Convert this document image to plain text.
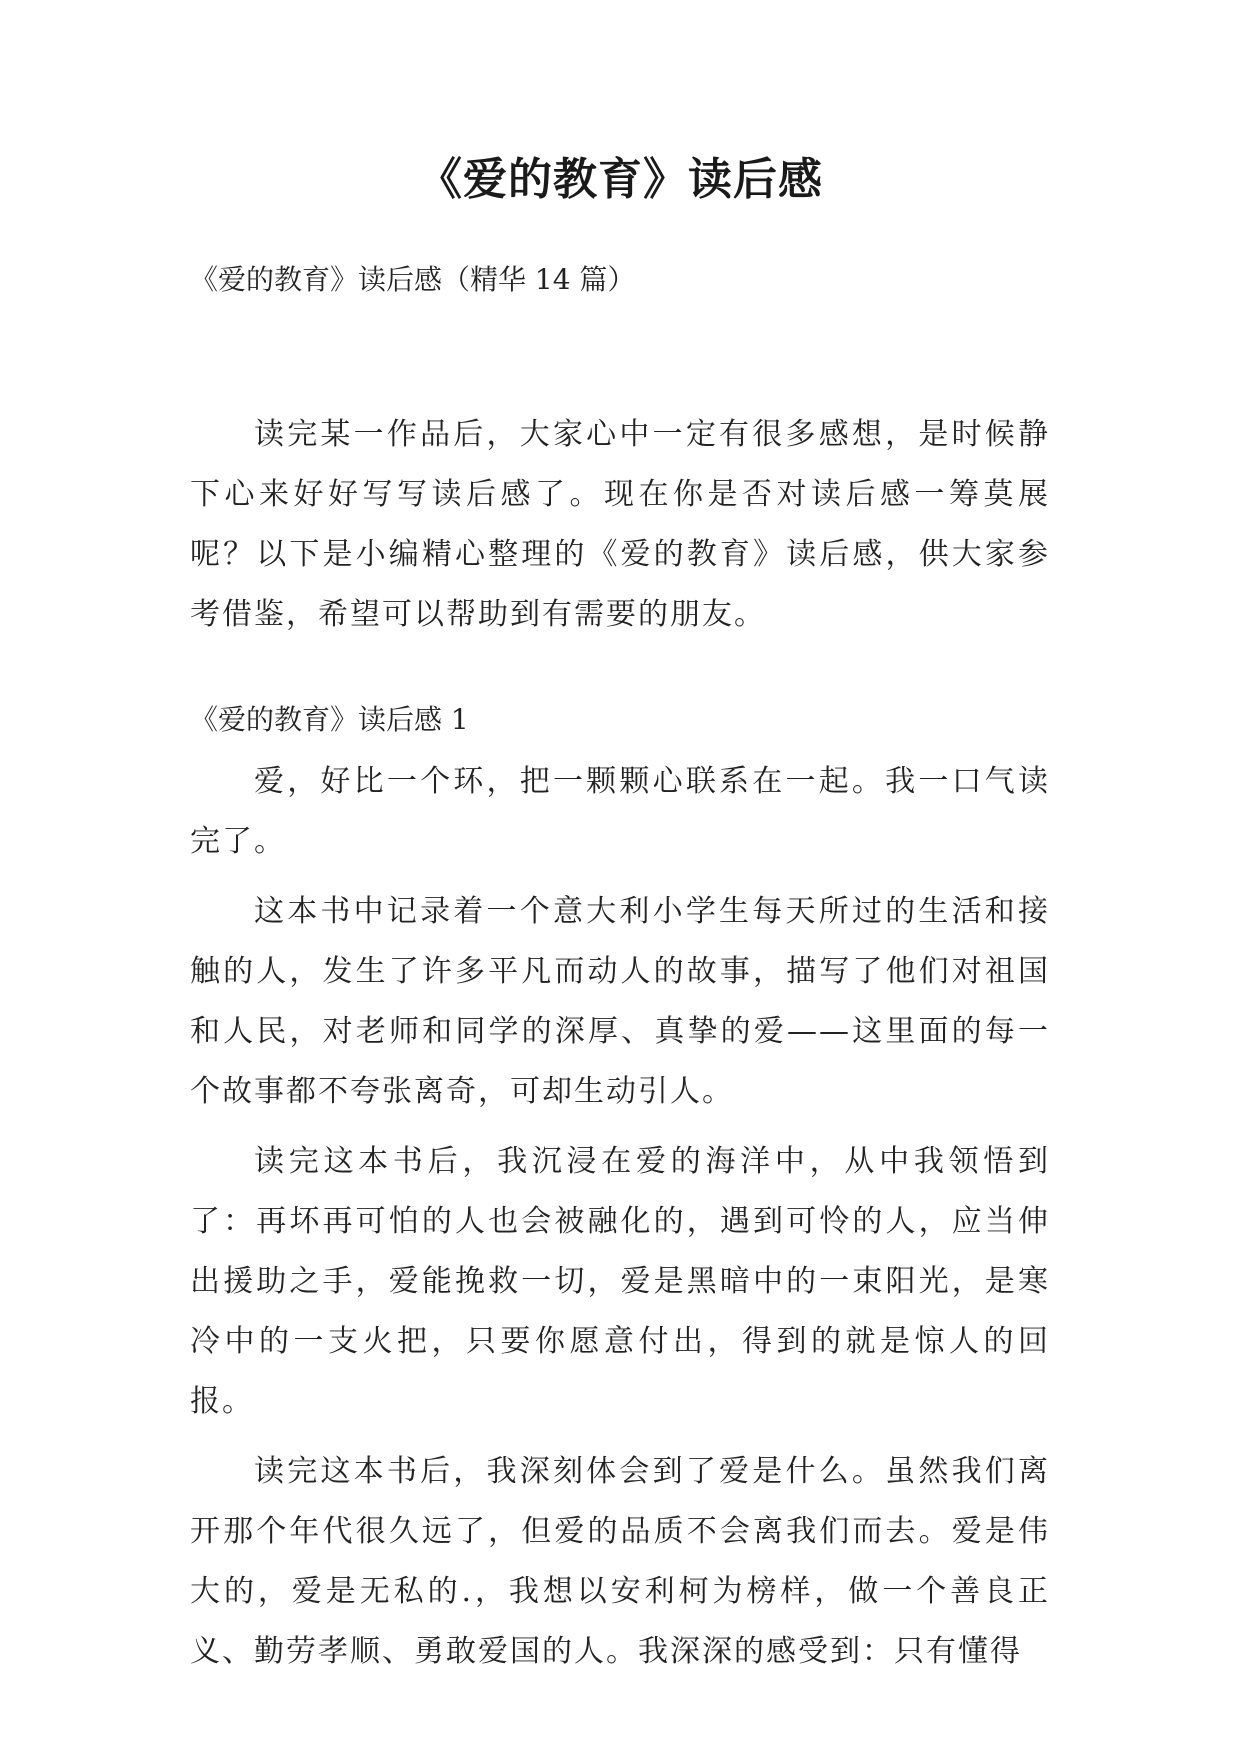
《爱的教育》读后感

《爱的教育》读后感（精华 14 篇）

读完某一作品后，大家心中一定有很多感想，是时候静下心来好好写写读后感了。现在你是否对读后感一筹莫展呢？以下是小编精心整理的《爱的教育》读后感，供大家参考借鉴，希望可以帮助到有需要的朋友。

《爱的教育》读后感 1

爱，好比一个环，把一颗颗心联系在一起。我一口气读完了。

这本书中记录着一个意大利小学生每天所过的生活和接触的人，发生了许多平凡而动人的故事，描写了他们对祖国和人民，对老师和同学的深厚、真挚的爱——这里面的每一个故事都不夸张离奇，可却生动引人。

读完这本书后，我沉浸在爱的海洋中，从中我领悟到了：再坏再可怕的人也会被融化的，遇到可怜的人，应当伸出援助之手，爱能挽救一切，爱是黑暗中的一束阳光，是寒冷中的一支火把，只要你愿意付出，得到的就是惊人的回报。

读完这本书后，我深刻体会到了爱是什么。虽然我们离开那个年代很久远了，但爱的品质不会离我们而去。爱是伟大的，爱是无私的.，我想以安利柯为榜样，做一个善良正义、勤劳孝顺、勇敢爱国的人。我深深的感受到：只有懂得
